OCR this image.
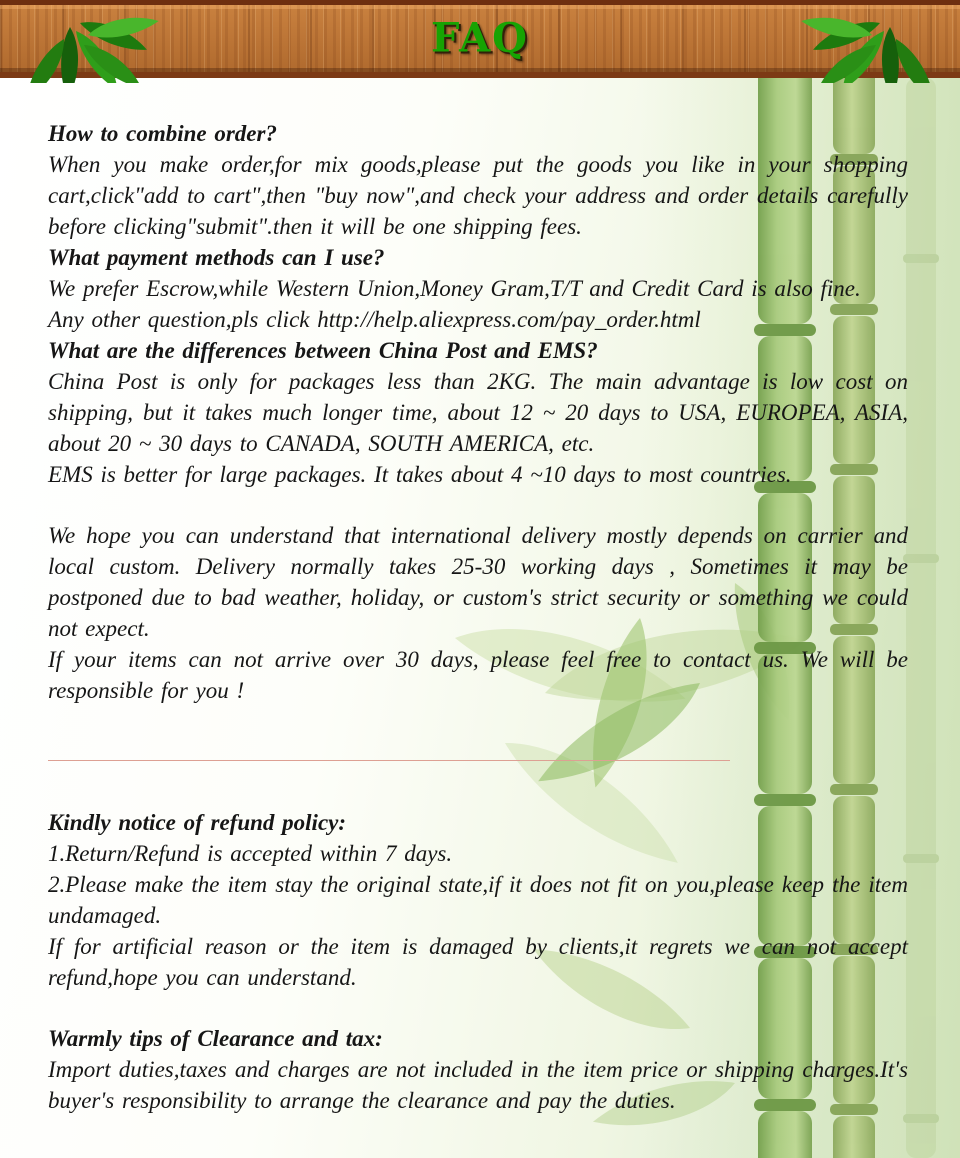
FAQ
How to combine order?

When you make order,for mix goods,please put the goods you like in your shopping cart,click"add to cart",then "buy now",and check your address and order details carefully before clicking"submit".then it will be one shipping fees.

What payment methods can I use?

We prefer Escrow,while Western Union,Money Gram,T/T and Credit Card is also fine.

Any other question,pls click http://help.aliexpress.com/pay_order.html

What are the differences between China Post and EMS?

China Post is only for packages less than 2KG. The main advantage is low cost on shipping, but it takes much longer time, about 12 ~ 20 days to USA, EUROPEA, ASIA, about 20 ~ 30 days to CANADA, SOUTH AMERICA, etc.

EMS is better for large packages. It takes about 4 ~10 days to most countries.

We hope you can understand that international delivery mostly depends on carrier and local custom. Delivery normally takes 25-30 working days , Sometimes it may be postponed due to bad weather, holiday, or custom's strict security or something we could not expect.

If your items can not arrive over 30 days, please feel free to contact us. We will be responsible for you !

Kindly notice of refund policy:

1.Return/Refund is accepted within 7 days.

2.Please make the item stay the original state,if it does not fit on you,please keep the item undamaged.

If for artificial reason or the item is damaged by clients,it regrets we can not accept refund,hope you can understand.

Warmly tips of Clearance and tax:

Import duties,taxes and charges are not included in the item price or shipping charges.It's buyer's responsibility to arrange the clearance and pay the duties.
